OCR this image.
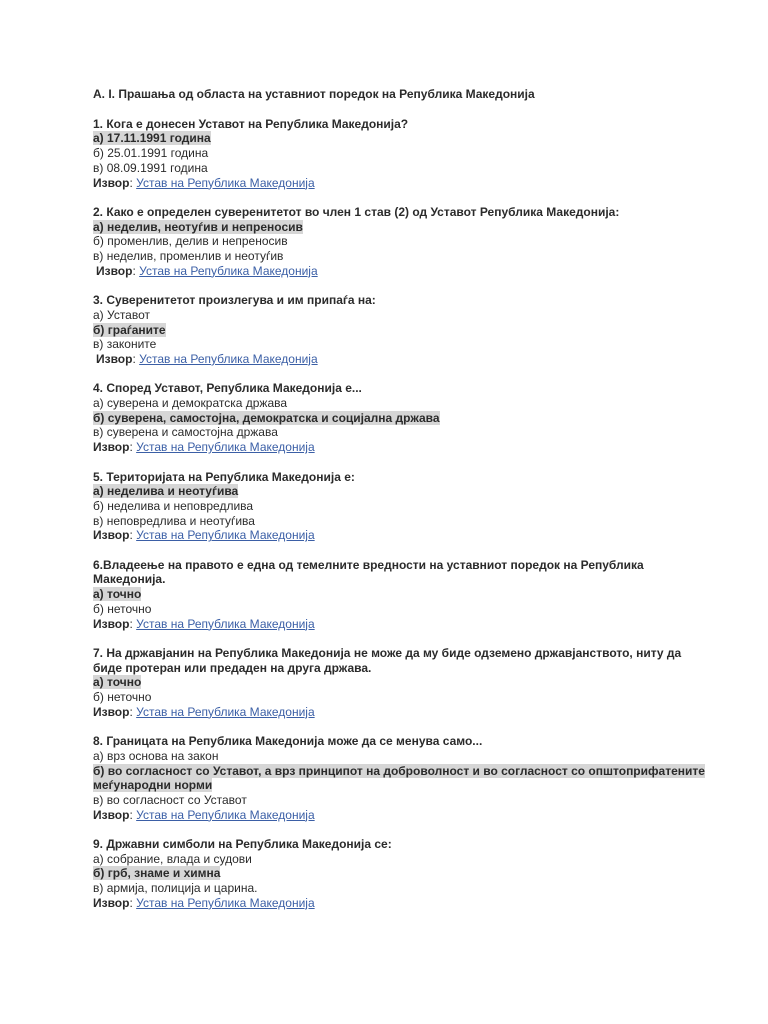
А. I. Прашања од областа на уставниот поредок на Република Македонија
1. Кога е донесен Уставот на Република Македонија?
а) 17.11.1991 година
б) 25.01.1991 година
в) 08.09.1991 година
Извор: Устав на Република Македонија
2. Како е определен суверенитетот во член 1 став (2) од Уставот Република Македонија:
а) неделив, неотуѓив и непреносив
б) променлив, делив и непреносив
в) неделив, променлив и неотуѓив
Извор: Устав на Република Македонија
3. Суверенитетот произлегува и им припаѓа на:
а) Уставот
б) граѓаните
в) законите
Извор: Устав на Република Македонија
4. Според Уставот, Република Македонија е...
а) суверена и демократска држава
б) суверена, самостојна, демократска и социјална држава
в) суверена и самостојна држава
Извор: Устав на Република Македонија
5. Територијата на Република Македонија е:
а) неделива и неотуѓива
б) неделива и неповредлива
в) неповредлива и неотуѓива
Извор: Устав на Република Македонија
6.Владеење на правото е една од темелните вредности на уставниот поредок на Република Македонија.
а) точно
б) неточно
Извор: Устав на Република Македонија
7. На државјанин на Република Македонија не може да му биде одземено државјанството, ниту да биде протеран или предаден на друга држава.
а) точно
б) неточно
Извор: Устав на Република Македонија
8. Границата на Република Македонија може да се менува само...
а) врз основа на закон
б) во согласност со Уставот, а врз принципот на доброволност и во согласност со општоприфатените меѓународни норми
в) во согласност со Уставот
Извор: Устав на Република Македонија
9. Државни симболи на Република Македонија се:
а) собрание, влада и судови
б) грб, знаме и химна
в) армија, полиција и царина.
Извор: Устав на Република Македонија
